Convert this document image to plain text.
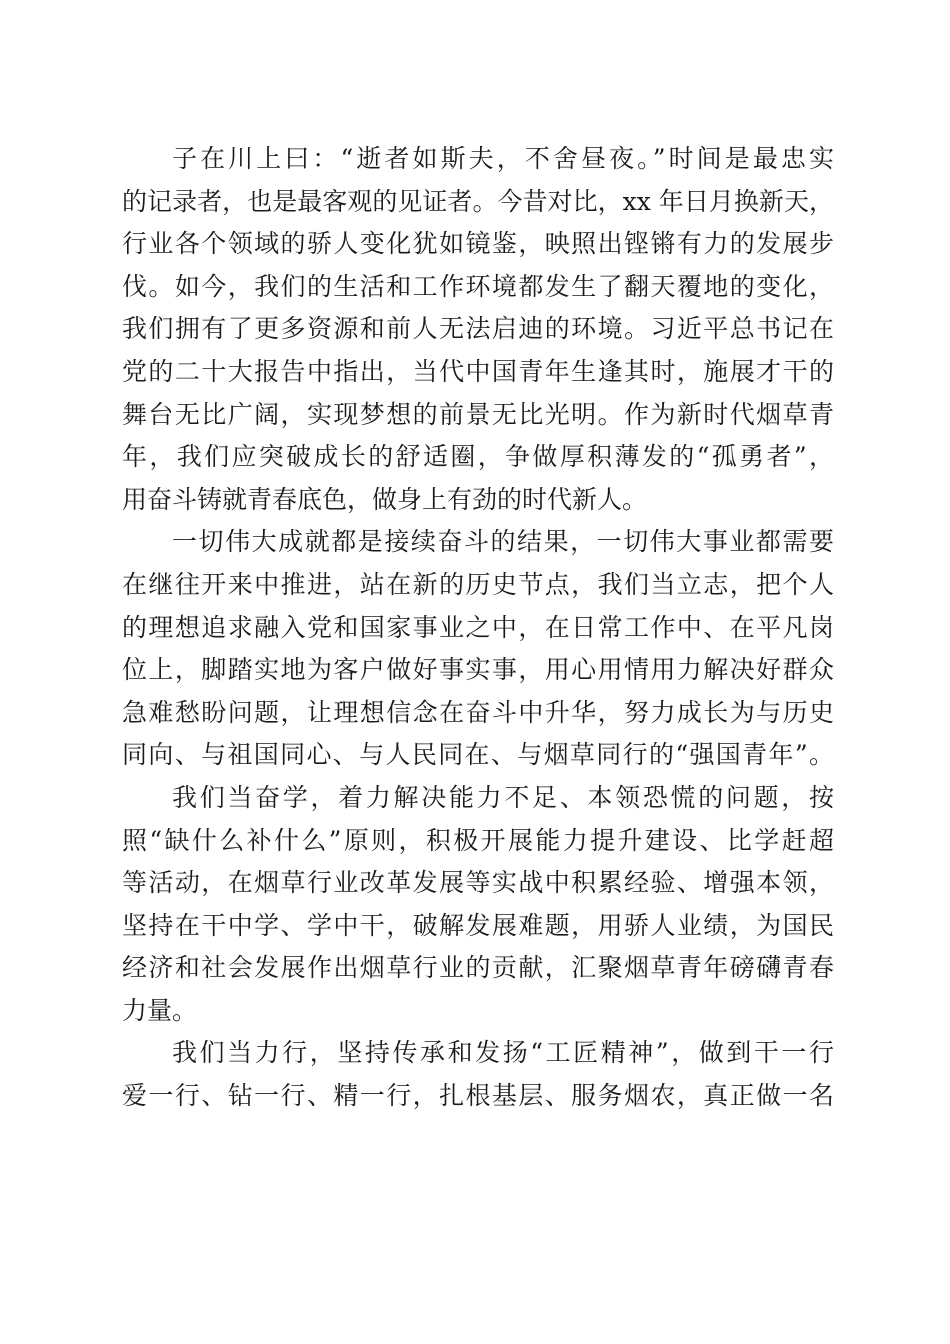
子在川上曰：“逝者如斯夫，不舍昼夜。”时间是最忠实
的记录者，也是最客观的见证者。今昔对比，xx 年日月换新天，
行业各个领域的骄人变化犹如镜鉴，映照出铿锵有力的发展步
伐。如今，我们的生活和工作环境都发生了翻天覆地的变化，
我们拥有了更多资源和前人无法启迪的环境。习近平总书记在
党的二十大报告中指出，当代中国青年生逢其时，施展才干的
舞台无比广阔，实现梦想的前景无比光明。作为新时代烟草青
年，我们应突破成长的舒适圈，争做厚积薄发的“孤勇者”，
用奋斗铸就青春底色，做身上有劲的时代新人。
一切伟大成就都是接续奋斗的结果，一切伟大事业都需要
在继往开来中推进，站在新的历史节点，我们当立志，把个人
的理想追求融入党和国家事业之中，在日常工作中、在平凡岗
位上，脚踏实地为客户做好事实事，用心用情用力解决好群众
急难愁盼问题，让理想信念在奋斗中升华，努力成长为与历史
同向、与祖国同心、与人民同在、与烟草同行的“强国青年”。
我们当奋学，着力解决能力不足、本领恐慌的问题，按
照“缺什么补什么”原则，积极开展能力提升建设、比学赶超
等活动，在烟草行业改革发展等实战中积累经验、增强本领，
坚持在干中学、学中干，破解发展难题，用骄人业绩，为国民
经济和社会发展作出烟草行业的贡献，汇聚烟草青年磅礴青春
力量。
我们当力行，坚持传承和发扬“工匠精神”，做到干一行
爱一行、钻一行、精一行，扎根基层、服务烟农，真正做一名
